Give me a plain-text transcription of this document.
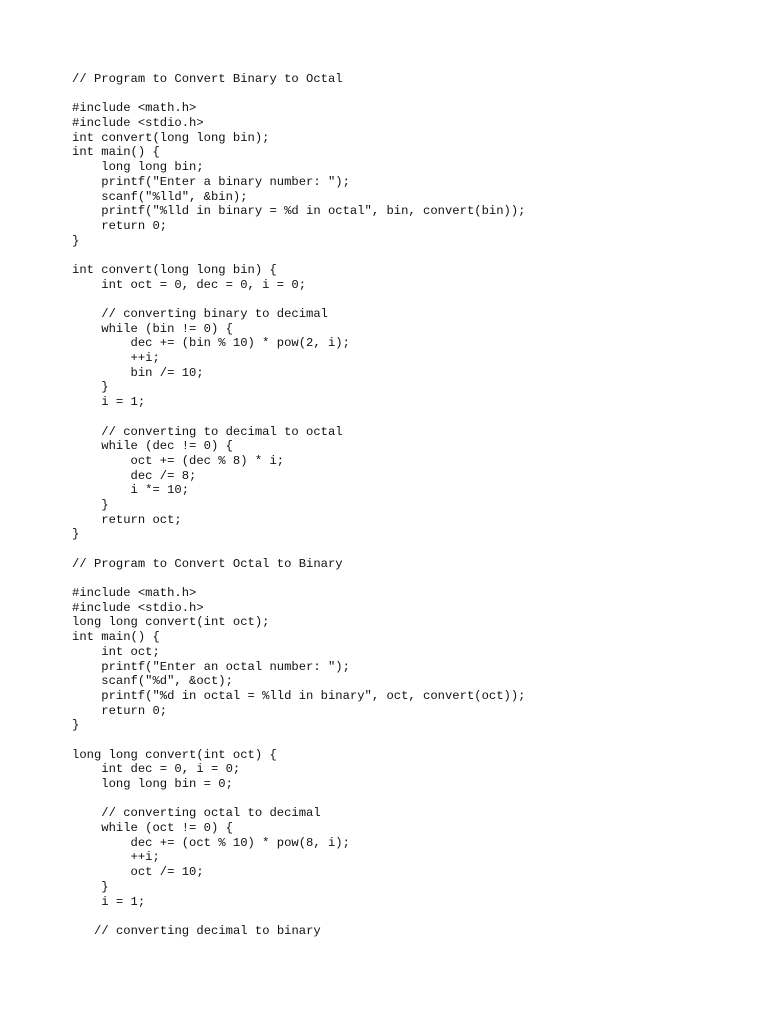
// Program to Convert Binary to Octal
#include <math.h>
#include <stdio.h>
int convert(long long bin);
int main() {
long long bin;
printf("Enter a binary number: ");
scanf("%lld", &bin);
printf("%lld in binary = %d in octal", bin, convert(bin));
return 0;
}
int convert(long long bin) {
int oct = 0, dec = 0, i = 0;
// converting binary to decimal
while (bin != 0) {
dec += (bin % 10) * pow(2, i);
++i;
bin /= 10;
}
i = 1;
// converting to decimal to octal
while (dec != 0) {
oct += (dec % 8) * i;
dec /= 8;
i *= 10;
}
return oct;
}
// Program to Convert Octal to Binary
#include <math.h>
#include <stdio.h>
long long convert(int oct);
int main() {
int oct;
printf("Enter an octal number: ");
scanf("%d", &oct);
printf("%d in octal = %lld in binary", oct, convert(oct));
return 0;
}
long long convert(int oct) {
int dec = 0, i = 0;
long long bin = 0;
// converting octal to decimal
while (oct != 0) {
dec += (oct % 10) * pow(8, i);
++i;
oct /= 10;
}
i = 1;
// converting decimal to binary
